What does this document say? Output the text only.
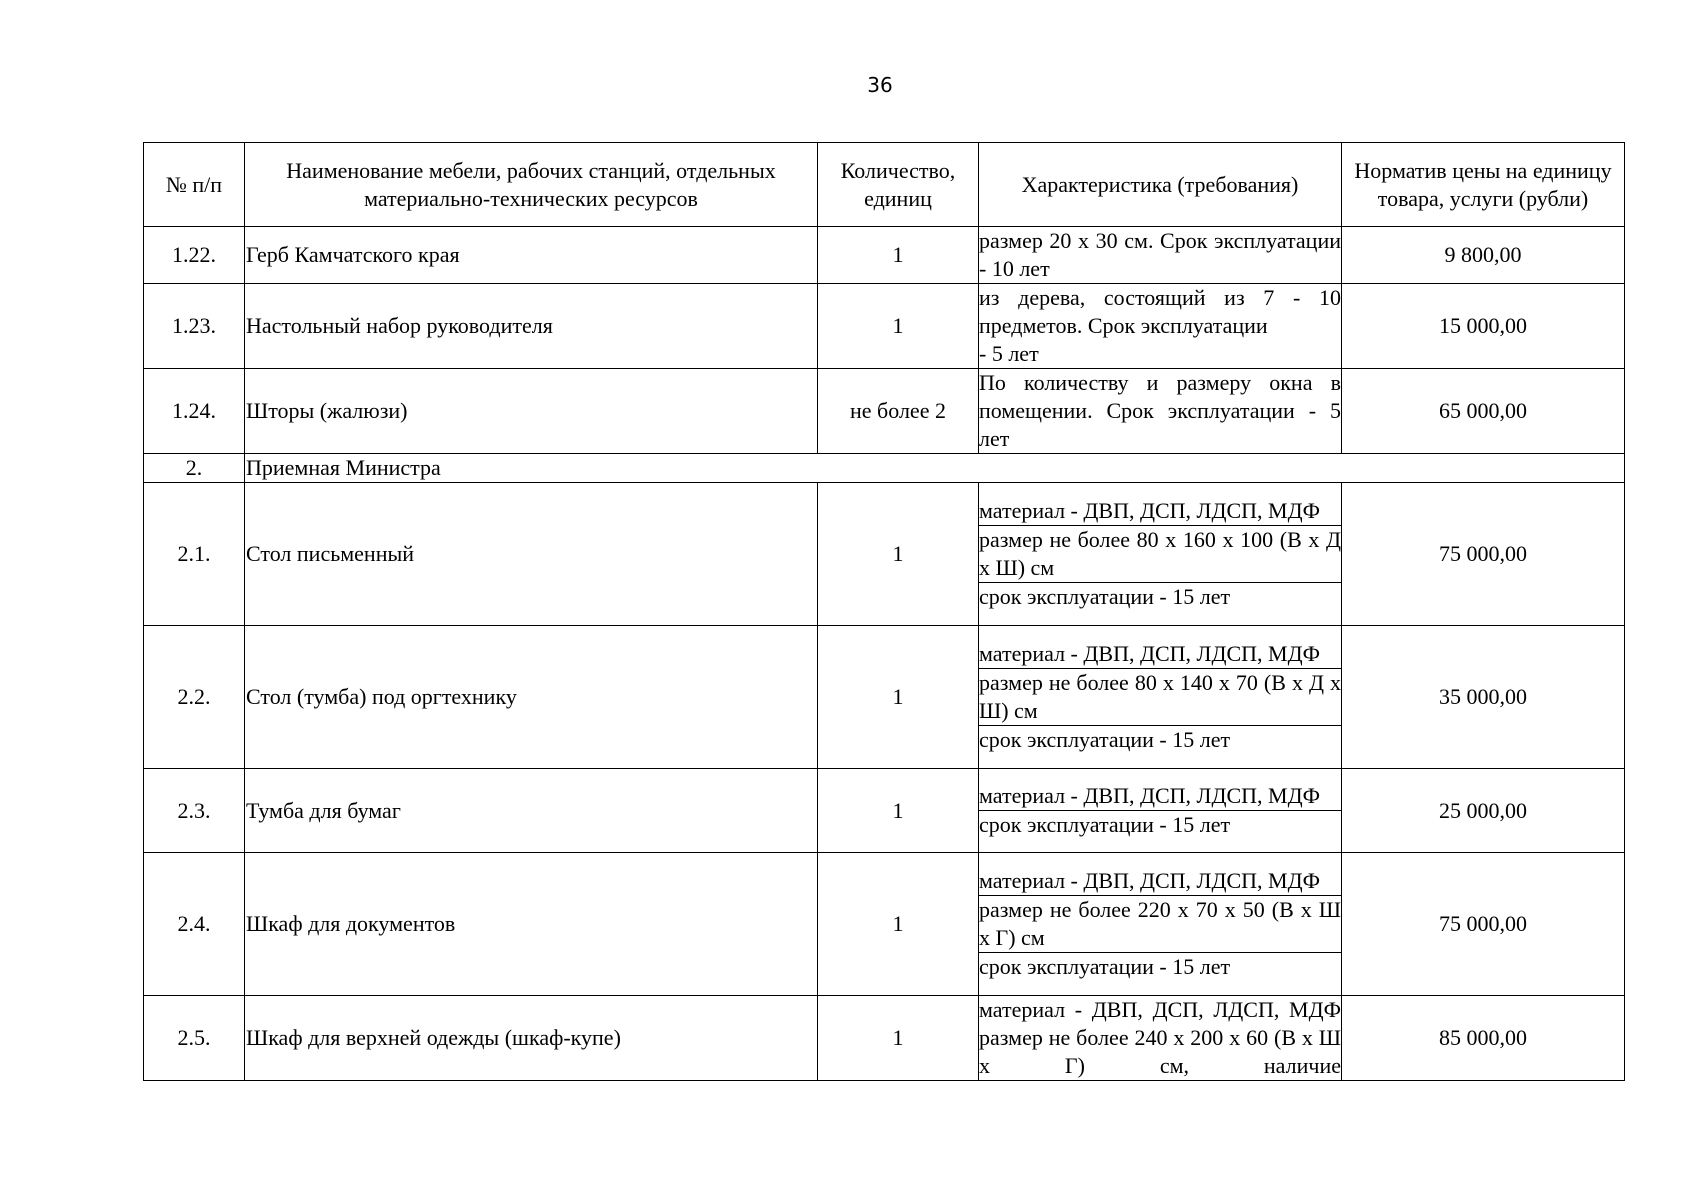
36
№ п/п	Наименование мебели, рабочих станций, отдельных материально-технических ресурсов	Количество, единиц	Характеристика (требования)	Норматив цены на единицу товара, услуги (рубли)
1.22.	Герб Камчатского края	1	размер 20 х 30 см. Срок эксплуатации - 10 лет	9 800,00
1.23.	Настольный набор руководителя	1	из дерева, состоящий из 7 - 10 предметов. Срок эксплуатации
- 5 лет	15 000,00
1.24.	Шторы (жалюзи)	не более 2	По количеству и размеру окна в помещении. Срок эксплуатации - 5 лет	65 000,00
2.	Приемная Министра			
2.1.	Стол письменный	1	материал - ДВП, ДСП, ЛДСП, МДФ
размер не более 80 х 160 х 100 (В х Д х Ш) см
срок эксплуатации - 15 лет	75 000,00
2.2.	Стол (тумба) под оргтехнику	1	материал - ДВП, ДСП, ЛДСП, МДФ
размер не более 80 х 140 х 70 (В х Д х Ш) см
срок эксплуатации - 15 лет	35 000,00
2.3.	Тумба для бумаг	1	материал - ДВП, ДСП, ЛДСП, МДФ
срок эксплуатации - 15 лет	25 000,00
2.4.	Шкаф для документов	1	материал - ДВП, ДСП, ЛДСП, МДФ
размер не более 220 х 70 х 50 (В х Ш х Г) см
срок эксплуатации - 15 лет	75 000,00
2.5.	Шкаф для верхней одежды (шкаф-купе)	1	материал - ДВП, ДСП, ЛДСП, МДФ размер не более 240 х 200 х 60 (В х Ш х Г) см, наличие	85 000,00
